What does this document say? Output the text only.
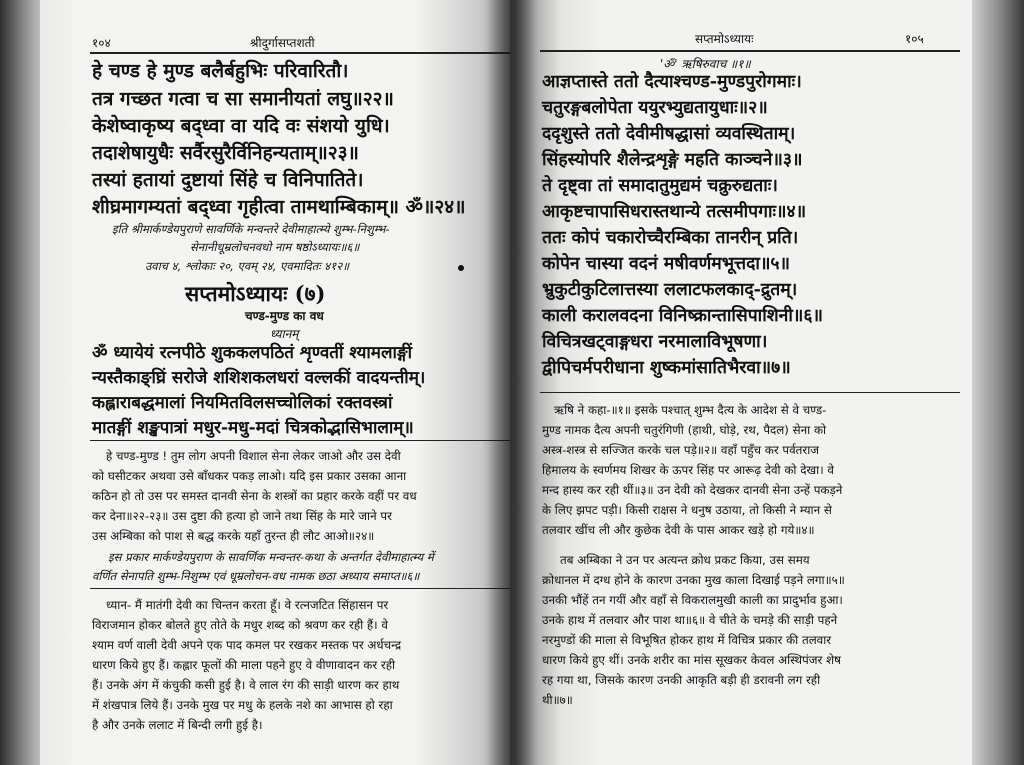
१०४	श्रीदुर्गासप्तशती
हे चण्ड हे मुण्ड बलैर्बहुभिः परिवारितौ।
तत्र गच्छत गत्वा च सा समानीयतां लघु॥२२॥
केशेष्वाकृष्य बद्ध्वा वा यदि वः संशयो युधि।
तदाशेषायुधैः सर्वैरसुरैर्विनिहन्यताम्॥२३॥
तस्यां हतायां दुष्टायां सिंहे च विनिपातिते।
शीघ्रमागम्यतां बद्ध्वा गृहीत्वा तामथाम्बिकाम्॥ ॐ॥२४॥
इति श्रीमार्कण्डेयपुराणे सावर्णिके मन्वन्तरे देवीमाहात्म्ये शुम्भ-निशुम्भ-
सेनानीधूम्रलोचनवधो नाम षष्ठोऽध्यायः॥६॥
उवाच ४, श्लोकाः २०, एवम् २४, एवमादितः ४१२॥
सप्तमोऽध्यायः (७)
चण्ड-मुण्ड का वध
ध्यानम्
ॐ ध्यायेयं रत्नपीठे शुककलपठितं शृण्वतीं श्यामलाङ्गीं
न्यस्तैकाङ्घ्रिं सरोजे शशिशकलधरां वल्लकीं वादयन्तीम्।
कह्लाराबद्धमालां नियमितविलसच्चोलिकां रक्तवस्त्रां
मातङ्गीं शङ्खपात्रां मधुर-मधु-मदां चित्रकोद्भासिभालाम्॥
हे चण्ड-मुण्ड ! तुम लोग अपनी विशाल सेना लेकर जाओ और उस देवी
को घसीटकर अथवा उसे बाँधकर पकड़ लाओ। यदि इस प्रकार उसका आना
कठिन हो तो उस पर समस्त दानवी सेना के शस्त्रों का प्रहार करके वहीं पर वध
कर देना॥२२-२३॥ उस दुष्टा की हत्या हो जाने तथा सिंह के मारे जाने पर
उस अम्बिका को पाश से बद्ध करके यहाँ तुरन्त ही लौट आओ॥२४॥
इस प्रकार मार्कण्डेयपुराण के सावर्णिक मन्वन्तर-कथा के अन्तर्गत देवीमाहात्म्य में
वर्णित सेनापति शुम्भ-निशुम्भ एवं धूम्रलोचन-वध नामक छठा अध्याय समाप्त॥६॥
ध्यान- मैं मातंगी देवी का चिन्तन करता हूँ। वे रत्नजटित सिंहासन पर
विराजमान होकर बोलते हुए तोते के मधुर शब्द को श्रवण कर रही हैं। वे
श्याम वर्ण वाली देवी अपने एक पाद कमल पर रखकर मस्तक पर अर्धचन्द्र
धारण किये हुए हैं। कह्लार फूलों की माला पहने हुए वे वीणावादन कर रही
हैं। उनके अंग में कंचुकी कसी हुई है। वे लाल रंग की साड़ी धारण कर हाथ
में शंखपात्र लिये हैं। उनके मुख पर मधु के हलके नशे का आभास हो रहा
है और उनके ललाट में बिन्दी लगी हुई है।
सप्तमोऽध्यायः	१०५
'ॐ' ऋषिरुवाच ॥१॥
आज्ञप्तास्ते ततो दैत्याश्चण्ड-मुण्डपुरोगमाः।
चतुरङ्गबलोपेता ययुरभ्युद्यतायुधाः॥२॥
ददृशुस्ते ततो देवीमीषद्धासां व्यवस्थिताम्।
सिंहस्योपरि शैलेन्द्रशृङ्गे महति काञ्चने॥३॥
ते दृष्ट्वा तां समादातुमुद्यमं चक्रुरुद्यताः।
आकृष्टचापासिधरास्तथान्ये तत्समीपगाः॥४॥
ततः कोपं चकारोच्चैरम्बिका तानरीन् प्रति।
कोपेन चास्या वदनं मषीवर्णमभूत्तदा॥५॥
भ्रुकुटीकुटिलात्तस्या ललाटफलकाद्-द्रुतम्।
काली करालवदना विनिष्क्रान्तासिपाशिनी॥६॥
विचित्रखट्वाङ्गधरा नरमालाविभूषणा।
द्वीपिचर्मपरीधाना शुष्कमांसातिभैरवा॥७॥
ऋषि ने कहा-॥१॥ इसके पश्चात् शुम्भ दैत्य के आदेश से वे चण्ड-
मुण्ड नामक दैत्य अपनी चतुरंगिणी (हाथी, घोड़े, रथ, पैदल) सेना को
अस्त्र-शस्त्र से सज्जित करके चल पड़े॥२॥ वहाँ पहुँच कर पर्वतराज
हिमालय के स्वर्णमय शिखर के ऊपर सिंह पर आरूढ़ देवी को देखा। वे
मन्द हास्य कर रही थीं॥३॥ उन देवी को देखकर दानवी सेना उन्हें पकड़ने
के लिए झपट पड़ी। किसी राक्षस ने धनुष उठाया, तो किसी ने म्यान से
तलवार खींच ली और कुछेक देवी के पास आकर खड़े हो गये॥४॥
तब अम्बिका ने उन पर अत्यन्त क्रोध प्रकट किया, उस समय
क्रोधानल में दग्ध होने के कारण उनका मुख काला दिखाई पड़ने लगा॥५॥
उनकी भौंहें तन गयीं और वहाँ से विकरालमुखी काली का प्रादुर्भाव हुआ।
उनके हाथ में तलवार और पाश था॥६॥ वे चीते के चमड़े की साड़ी पहने
नरमुण्डों की माला से विभूषित होकर हाथ में विचित्र प्रकार की तलवार
धारण किये हुए थीं। उनके शरीर का मांस सूखकर केवल अस्थिपंजर शेष
रह गया था, जिसके कारण उनकी आकृति बड़ी ही डरावनी लग रही
थी॥७॥
